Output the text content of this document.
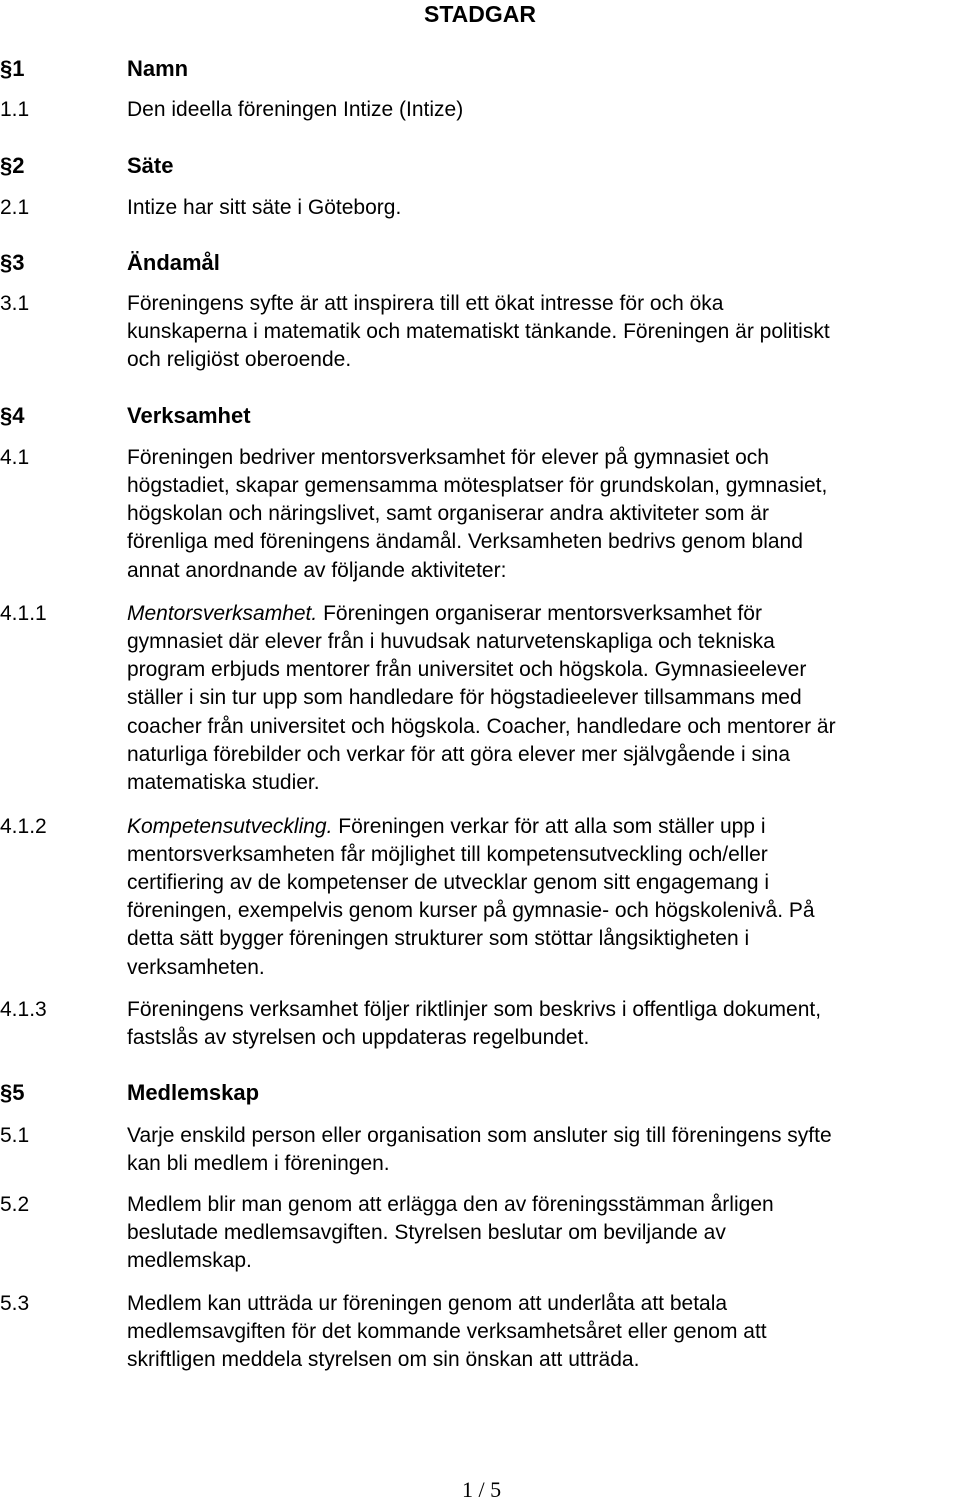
STADGAR
§1	Namn
1.1	Den ideella föreningen Intize (Intize)
§2	Säte
2.1	Intize har sitt säte i Göteborg.
§3	Ändamål
3.1	Föreningens syfte är att inspirera till ett ökat intresse för och öka
kunskaperna i matematik och matematiskt tänkande. Föreningen är politiskt
och religiöst oberoende.
§4	Verksamhet
4.1	Föreningen bedriver mentorsverksamhet för elever på gymnasiet och
högstadiet, skapar gemensamma mötesplatser för grundskolan, gymnasiet,
högskolan och näringslivet, samt organiserar andra aktiviteter som är
förenliga med föreningens ändamål. Verksamheten bedrivs genom bland
annat anordnande av följande aktiviteter:
4.1.1	Mentorsverksamhet. Föreningen organiserar mentorsverksamhet för
gymnasiet där elever från i huvudsak naturvetenskapliga och tekniska
program erbjuds mentorer från universitet och högskola. Gymnasieelever
ställer i sin tur upp som handledare för högstadieelever tillsammans med
coacher från universitet och högskola. Coacher, handledare och mentorer är
naturliga förebilder och verkar för att göra elever mer självgående i sina
matematiska studier.
4.1.2	Kompetensutveckling. Föreningen verkar för att alla som ställer upp i
mentorsverksamheten får möjlighet till kompetensutveckling och/eller
certifiering av de kompetenser de utvecklar genom sitt engagemang i
föreningen, exempelvis genom kurser på gymnasie- och högskolenivå. På
detta sätt bygger föreningen strukturer som stöttar långsiktigheten i
verksamheten.
4.1.3	Föreningens verksamhet följer riktlinjer som beskrivs i offentliga dokument,
fastslås av styrelsen och uppdateras regelbundet.
§5	Medlemskap
5.1	Varje enskild person eller organisation som ansluter sig till föreningens syfte
kan bli medlem i föreningen.
5.2	Medlem blir man genom att erlägga den av föreningsstämman årligen
beslutade medlemsavgiften. Styrelsen beslutar om beviljande av
medlemskap.
5.3	Medlem kan utträda ur föreningen genom att underlåta att betala
medlemsavgiften för det kommande verksamhetsåret eller genom att
skriftligen meddela styrelsen om sin önskan att utträda.
1 / 5
